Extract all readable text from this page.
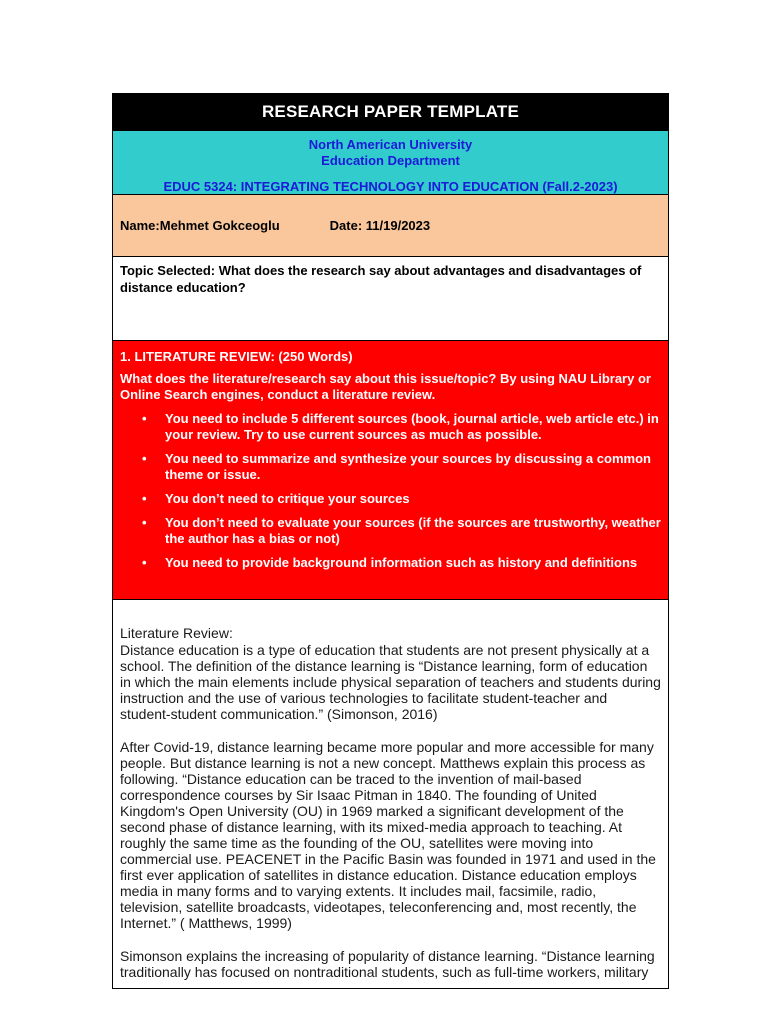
RESEARCH PAPER TEMPLATE
North American University
Education Department
EDUC 5324: INTEGRATING TECHNOLOGY INTO EDUCATION (Fall.2-2023)
Name:Mehmet Gokceoglu	Date: 11/19/2023
Topic Selected: What does the research say about advantages and disadvantages of distance education?
1. LITERATURE REVIEW: (250 Words)
What does the literature/research say about this issue/topic? By using NAU Library or Online Search engines, conduct a literature review.
• You need to include 5 different sources (book, journal article, web article etc.) in your review. Try to use current sources as much as possible.
• You need to summarize and synthesize your sources by discussing a common theme or issue.
• You don’t need to critique your sources
• You don’t need to evaluate your sources (if the sources are trustworthy, weather the author has a bias or not)
• You need to provide background information such as history and definitions

Literature Review:

Distance education is a type of education that students are not present physically at a school. The definition of the distance learning is “Distance learning, form of education in which the main elements include physical separation of teachers and students during instruction and the use of various technologies to facilitate student-teacher and student-student communication.” (Simonson, 2016)

After Covid-19, distance learning became more popular and more accessible for many people. But distance learning is not a new concept. Matthews explain this process as following. “Distance education can be traced to the invention of mail-based correspondence courses by Sir Isaac Pitman in 1840. The founding of United Kingdom's Open University (OU) in 1969 marked a significant development of the second phase of distance learning, with its mixed-media approach to teaching. At roughly the same time as the founding of the OU, satellites were moving into commercial use. PEACENET in the Pacific Basin was founded in 1971 and used in the first ever application of satellites in distance education. Distance education employs media in many forms and to varying extents. It includes mail, facsimile, radio, television, satellite broadcasts, videotapes, teleconferencing and, most recently, the Internet.” ( Matthews, 1999)

Simonson explains the increasing of popularity of distance learning. “Distance learning traditionally has focused on nontraditional students, such as full-time workers, military
